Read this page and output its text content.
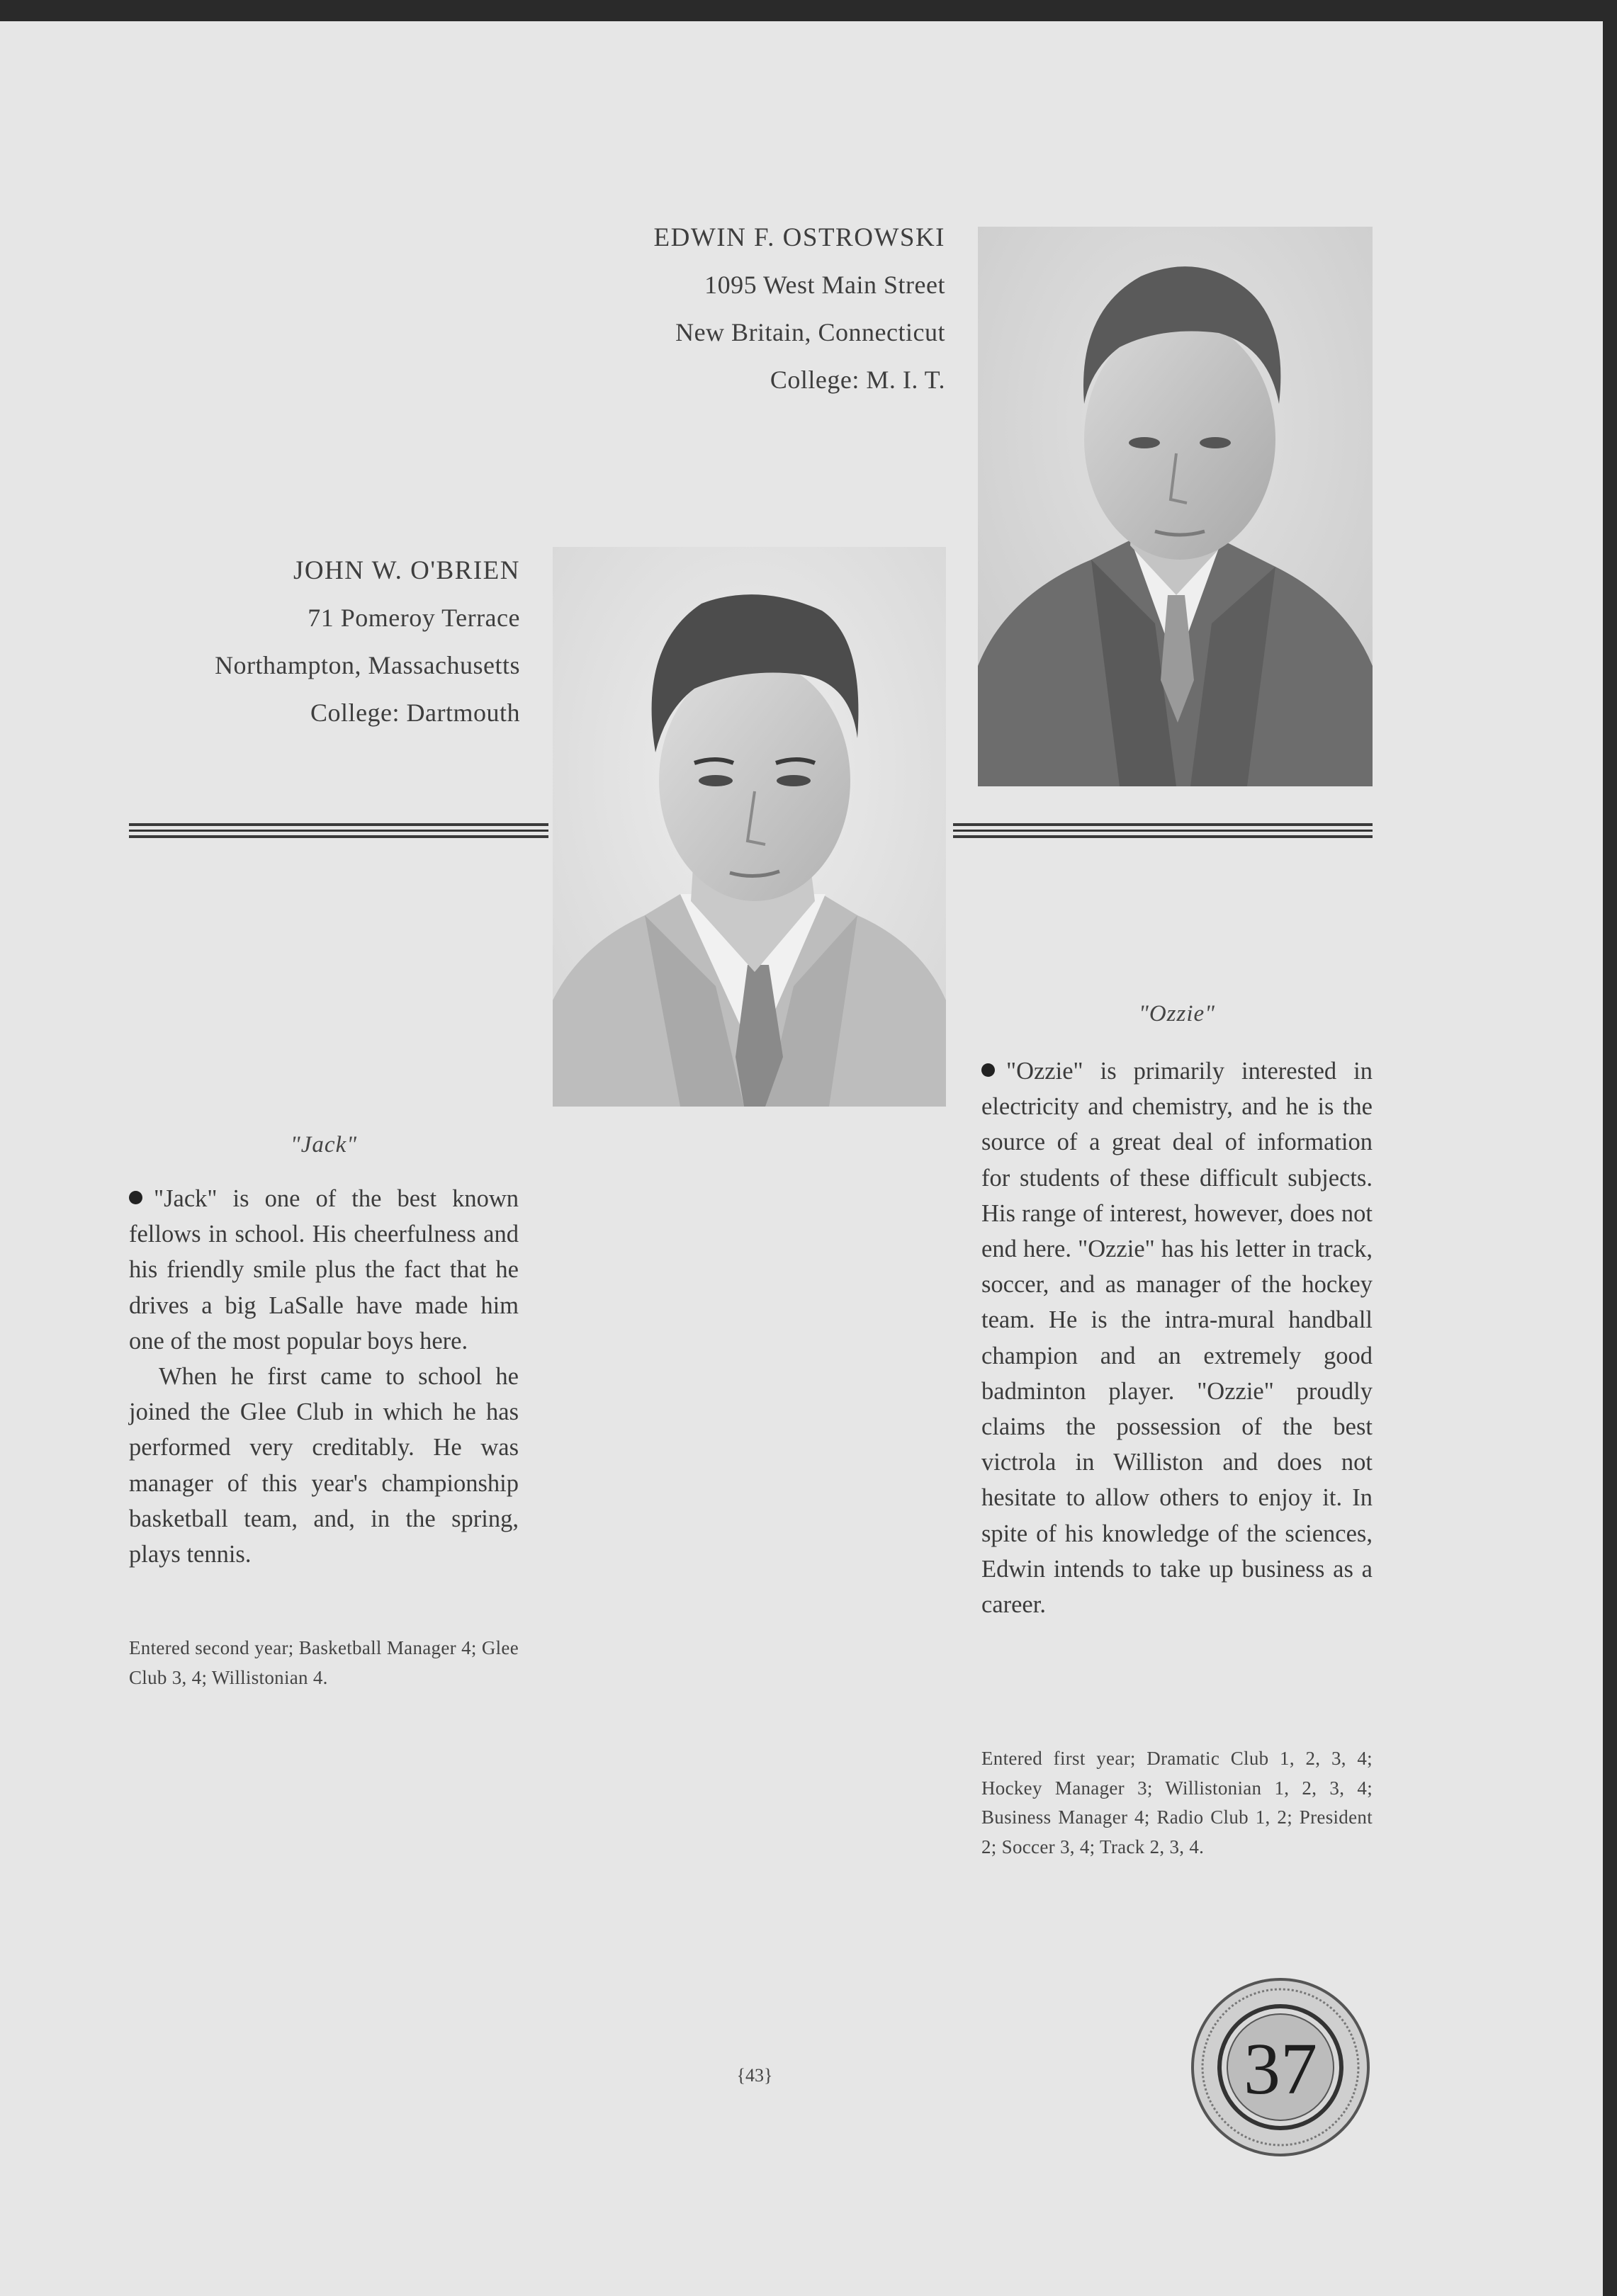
EDWIN F. OSTROWSKI
1095 West Main Street
New Britain, Connecticut
College: M. I. T.
JOHN W. O'BRIEN
71 Pomeroy Terrace
Northampton, Massachusetts
College: Dartmouth
"Jack"

"Jack" is one of the best known fellows in school. His cheerfulness and his friendly smile plus the fact that he drives a big LaSalle have made him one of the most popular boys here.

When he first came to school he joined the Glee Club in which he has performed very creditably. He was manager of this year's championship basketball team, and, in the spring, plays tennis.

Entered second year; Basketball Manager 4; Glee Club 3, 4; Willistonian 4.
"Ozzie"

"Ozzie" is primarily interested in electricity and chemistry, and he is the source of a great deal of information for students of these difficult subjects. His range of interest, however, does not end here. "Ozzie" has his letter in track, soccer, and as manager of the hockey team. He is the intra-mural handball champion and an extremely good badminton player. "Ozzie" proudly claims the possession of the best victrola in Williston and does not hesitate to allow others to enjoy it. In spite of his knowledge of the sciences, Edwin intends to take up business as a career.

Entered first year; Dramatic Club 1, 2, 3, 4; Hockey Manager 3; Willistonian 1, 2, 3, 4; Business Manager 4; Radio Club 1, 2; President 2; Soccer 3, 4; Track 2, 3, 4.
{43}	37
